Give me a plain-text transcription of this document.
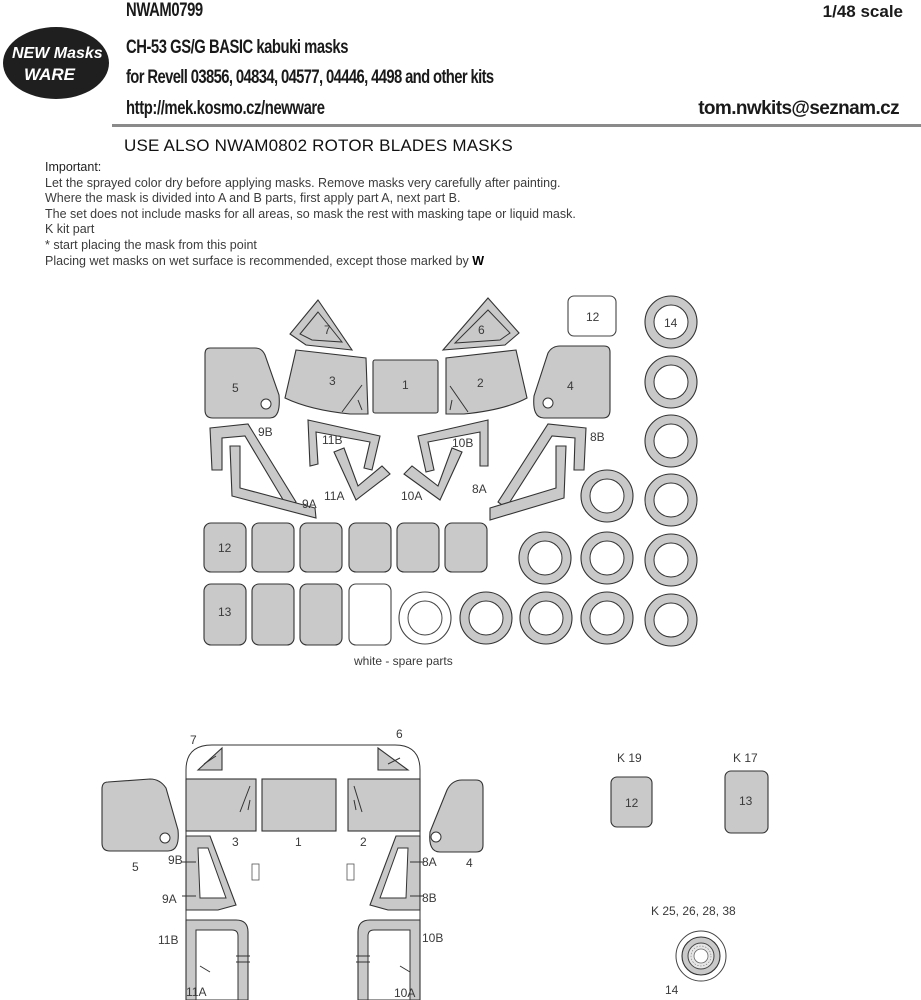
NEW Masks
WARE
NWAM0799	1/48 scale
CH-53 GS/G BASIC kabuki masks
for Revell 03856, 04834, 04577, 04446, 4498 and other kits
http://mek.kosmo.cz/newware	tom.nwkits@seznam.cz
USE ALSO NWAM0802 ROTOR BLADES MASKS
Important:
Let the sprayed color dry before applying masks. Remove masks very carefully after painting.
Where the mask is divided into A and B parts, first apply part A, next part B.
The set does not include masks for all areas, so mask the rest with masking tape or liquid mask.
K kit part
* start placing the mask from this point
Placing wet masks on wet surface is recommended, except those marked by W
7	6
12
5	3	1	2	4
14
9B
9A
11B
11A
10B
10A
8B
8A
12
13
white - spare parts
7	6
3	1	2
5	4
9B
9A
8A
8B
11B
11A
10B
10A
K 19
12
K 17
13
K 25, 26, 28, 38
14
